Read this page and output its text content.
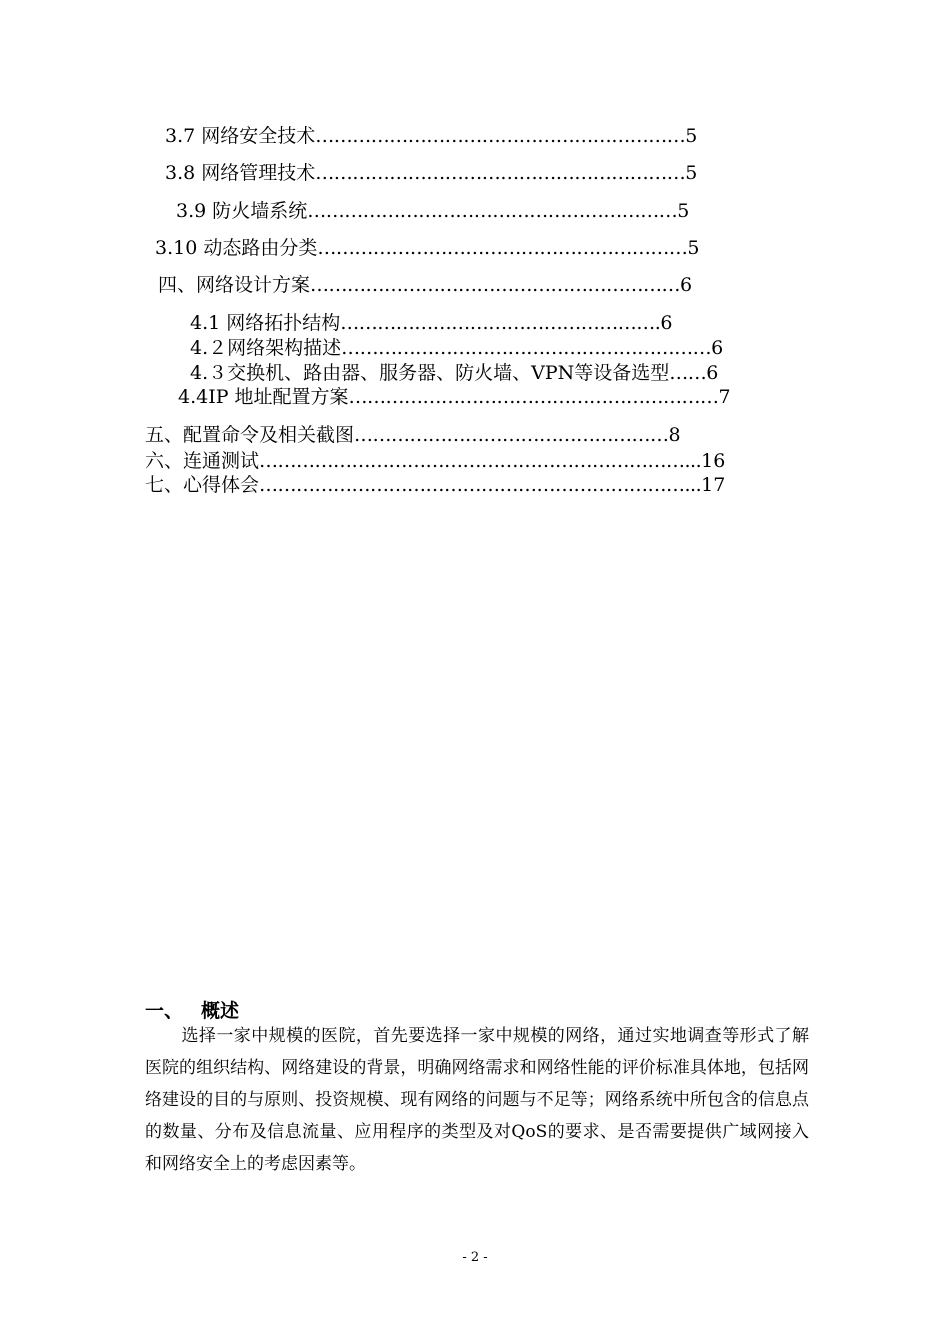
3.7 网络安全技术……………………………………………………5
3.8 网络管理技术……………………………………………………5
3.9 防火墙系统……………………………………………………5
3.10 动态路由分类……………………………………………………5
四、网络设计方案……………………………………………………6
4.1 网络拓扑结构…………………………………………….6
4.２网络架构描述……………………………………………………6
4.３交换机、路由器、服务器、防火墙、VPN等设备选型……6
4.4IP 地址配置方案……………………………………………………7
五、配置命令及相关截图……………………………………………8
六、连通测试……………………………………………………………...16
七、心得体会……………………………………………………………...17
一、 概述
选择一家中规模的医院，首先要选择一家中规模的网络，通过实地调查等形式了解医院的组织结构、网络建设的背景，明确网络需求和网络性能的评价标准具体地，包括网络建设的目的与原则、投资规模、现有网络的问题与不足等；网络系统中所包含的信息点的数量、分布及信息流量、应用程序的类型及对QoS的要求、是否需要提供广域网接入和网络安全上的考虑因素等。
- 2 -
